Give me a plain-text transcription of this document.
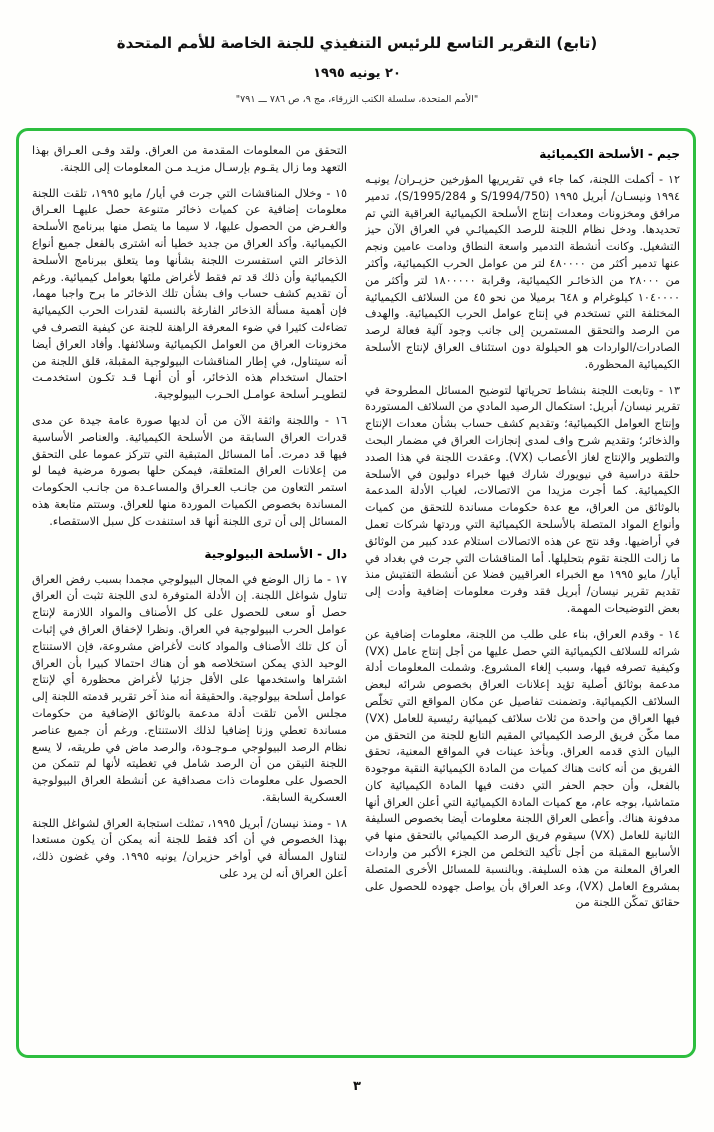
(تابع) التقرير التاسع للرئيس التنفيذي للجنة الخاصة للأمم المتحدة
٢٠ يونيه ١٩٩٥
"الأمم المتحدة، سلسلة الكتب الزرقاء، مج ٩، ص ٧٨٦ ـــ ٧٩١"
جيم - الأسلحة الكيميائية

١٢ - أكملت اللجنة، كما جاء في تقريريها المؤرخين حزيـران/ يونيـه ١٩٩٤ ونيسـان/ أبريل ١٩٩٥ (S/1994/750 و S/1995/284)، تدمير مرافق ومخزونات ومعدات إنتاج الأسلحة الكيميائية العراقية التي تم تحديدها. ودخل نظام اللجنة للرصد الكيميائـي في العراق الآن حيز التشغيل. وكانت أنشطة التدمير واسعة النطاق ودامت عامين ونجم عنها تدمير أكثر من ٤٨٠٠٠٠ لتر من عوامل الحرب الكيميائية، وأكثر من ٢٨٠٠٠ من الذخائـر الكيميائية، وقرابة ١٨٠٠٠٠٠ لتر وأكثر من ١٠٤٠٠٠٠ كيلوغرام و ٦٤٨ برميلا من نحو ٤٥ من السلائف الكيميائية المختلفة التي تستخدم في إنتاج عوامل الحرب الكيميائية. والهدف من الرصد والتحقق المستمرين إلى جانب وجود آلية فعالة لرصد الصادرات/الواردات هو الحيلولة دون استئناف العراق لإنتاج الأسلحة الكيميائية المحظورة.

١٣ - وتابعت اللجنة بنشاط تحرياتها لتوضيح المسائل المطروحة في تقرير نيسان/ أبريل: استكمال الرصيد المادي من السلائف المستوردة وإنتاج العوامل الكيميائية؛ وتقديم كشف حساب بشأن معدات الإنتاج والذخائر؛ وتقديم شرح واف لمدى إنجازات العراق في مضمار البحث والتطوير والإنتاج لغاز الأعصاب (VX). وعقدت اللجنة في هذا الصدد حلقة دراسية في نيويورك شارك فيها خبراء دوليون في الأسلحة الكيميائية. كما أجرت مزيدا من الاتصالات، لغياب الأدلة المدعمة بالوثائق من العراق، مع عدة حكومات مساندة للتحقق من كميات وأنواع المواد المتصلة بالأسلحة الكيميائية التي وردتها شركات تعمل في أراضيها. وقد نتج عن هذه الاتصالات استلام عدد كبير من الوثائق ما زالت اللجنة تقوم بتحليلها. أما المناقشات التي جرت في بغداد في أيار/ مايو ١٩٩٥ مع الخبراء العراقيين فضلا عن أنشطة التفتيش منذ تقديم تقرير نيسان/ أبريل فقد وفرت معلومات إضافية وأدت إلى بعض التوضيحات المهمة.

١٤ - وقدم العراق، بناء على طلب من اللجنة، معلومات إضافية عن شرائه للسلائف الكيميائية التي حصل عليها من أجل إنتاج عامل (VX) وكيفية تصرفه فيها، وسبب إلغاء المشروع. وشملت المعلومات أدلة مدعمة بوثائق أصلية تؤيد إعلانات العراق بخصوص شرائه لبعض السلائف الكيميائية. وتضمنت تفاصيل عن مكان المواقع التي تخلّص فيها العراق من واحدة من ثلاث سلائف كيميائية رئيسية للعامل (VX) مما مكّن فريق الرصد الكيميائي المقيم التابع للجنة من التحقق من البيان الذي قدمه العراق. وبأخذ عينات في المواقع المعنية، تحقق الفريق من أنه كانت هناك كميات من المادة الكيميائية النقية موجودة بالفعل، وأن حجم الحفر التي دفنت فيها المادة الكيميائية كان متماشيا، بوجه عام، مع كميات المادة الكيميائية التي أعلن العراق أنها مدفونة هناك. وأعطى العراق اللجنة معلومات أيضا بخصوص السليفة الثانية للعامل (VX) سيقوم فريق الرصد الكيميائي بالتحقق منها في الأسابيع المقبلة من أجل تأكيد التخلص من الجزء الأكبر من واردات العراق المعلنة من هذه السليفة. وبالنسبة للمسائل الأخرى المتصلة بمشروع العامل (VX)، وعد العراق بأن يواصل جهوده للحصول على حقائق تمكّن اللجنة من

التحقق من المعلومات المقدمة من العراق. ولقد وفـى العـراق بهذا التعهد وما زال يقـوم بإرسـال مزيـد مـن المعلومات إلى اللجنة.

١٥ - وخلال المناقشات التي جرت في أيار/ مايو ١٩٩٥، تلقت اللجنة معلومات إضافية عن كميات ذخائر متنوعة حصل عليهـا العـراق والغـرض من الحصول عليها، لا سيما ما يتصل منها ببرنامج الأسلحة الكيميائية. وأكد العراق من جديد خطيا أنه اشترى بالفعل جميع أنواع الذخائر التي استفسرت اللجنة بشأنها وما يتعلق ببرنامج الأسلحة الكيميائية وأن ذلك قد تم فقط لأغراض ملئها بعوامل كيميائية. ورغم أن تقديم كشف حساب واف بشأن تلك الذخائر ما برح واجبا مهما، فإن أهمية مسألة الذخائر الفارغة بالنسبة لقدرات الحرب الكيميائية تضاءلت كثيرا في ضوء المعرفة الراهنة للجنة عن كيفية التصرف في مخزونات العراق من العوامل الكيميائية وسلائفها. وأفاد العراق أيضا أنه سيتناول، في إطار المناقشات البيولوجية المقبلة، قلق اللجنة من احتمال استخدام هذه الذخائر، أو أن أنهـا قـد تكـون استخدمـت لتطويـر أسلحة عوامـل الحـرب البيولوجية.

١٦ - واللجنة واثقة الآن من أن لديها صورة عامة جيدة عن مدى قدرات العراق السابقة من الأسلحة الكيميائية. والعناصر الأساسية فيها قد دمرت. أما المسائل المتبقية التي تتركز عموما على التحقق من إعلانات العراق المتعلقة، فيمكن حلها بصورة مرضية فيما لو استمر التعاون من جانـب العـراق والمساعـدة من جانـب الحكومات المساندة بخصوص الكميات الموردة منها للعراق. وستتم متابعة هذه المسائل إلى أن ترى اللجنة أنها قد استنفدت كل سبل الاستقصاء.

دال - الأسلحة البيولوجية

١٧ - ما زال الوضع في المجال البيولوجي مجمدا بسبب رفض العراق تناول شواغل اللجنة. إن الأدلة المتوفرة لدى اللجنة تثبت أن العراق حصل أو سعى للحصول على كل الأصناف والمواد اللازمة لإنتاج عوامل الحرب البيولوجية في العراق. ونظرا لإخفاق العراق في إثبات أن كل تلك الأصناف والمواد كانت لأغراض مشروعة، فإن الاستنتاج الوحيد الذي يمكن استخلاصه هو أن هناك احتمالا كبيرا بأن العراق اشتراها واستخدمها على الأقل جزئيا لأغراض محظورة أي لإنتاج عوامل أسلحة بيولوجية. والحقيقة أنه منذ آخر تقرير قدمته اللجنة إلى مجلس الأمن تلقت أدلة مدعمة بالوثائق الإضافية من حكومات مساندة تعطي وزنا إضافيا لذلك الاستنتاج. ورغم أن جميع عناصر نظام الرصد البيولوجي مـوجـودة، والرصد ماض في طريقه، لا يسع اللجنة التيقن من أن الرصد شامل في تغطيته لأنها لم تتمكن من الحصول على معلومات ذات مصداقية عن أنشطة العراق البيولوجية العسكرية السابقة.

١٨ - ومنذ نيسان/ أبريل ١٩٩٥، تمثلت استجابة العراق لشواغل اللجنة بهذا الخصوص في أن أكد فقط للجنة أنه يمكن أن يكون مستعدا لتناول المسألة في أواخر حزيران/ يونيه ١٩٩٥. وفي غضون ذلك، أعلن العراق أنه لن يرد على

٣
